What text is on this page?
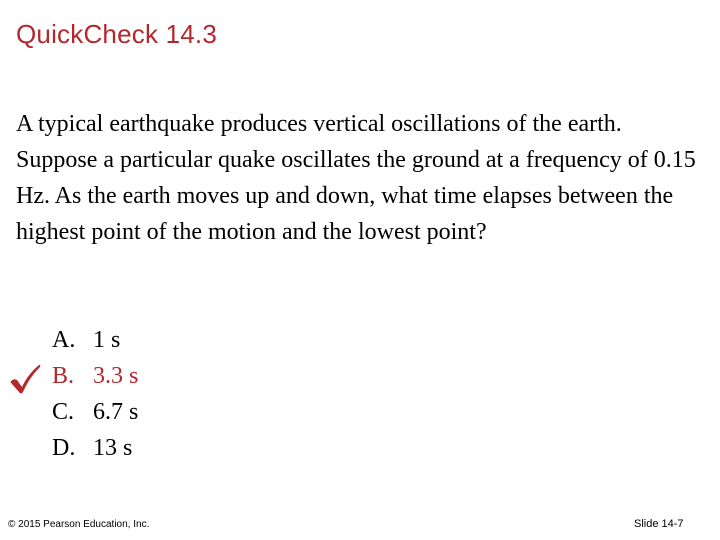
QuickCheck 14.3

A typical earthquake produces vertical oscillations of the earth. Suppose a particular quake oscillates the ground at a frequency of 0.15 Hz. As the earth moves up and down, what time elapses between the highest point of the motion and the lowest point?

A. 1 s
B. 3.3 s
C. 6.7 s
D. 13 s
© 2015 Pearson Education, Inc.	Slide 14-7
